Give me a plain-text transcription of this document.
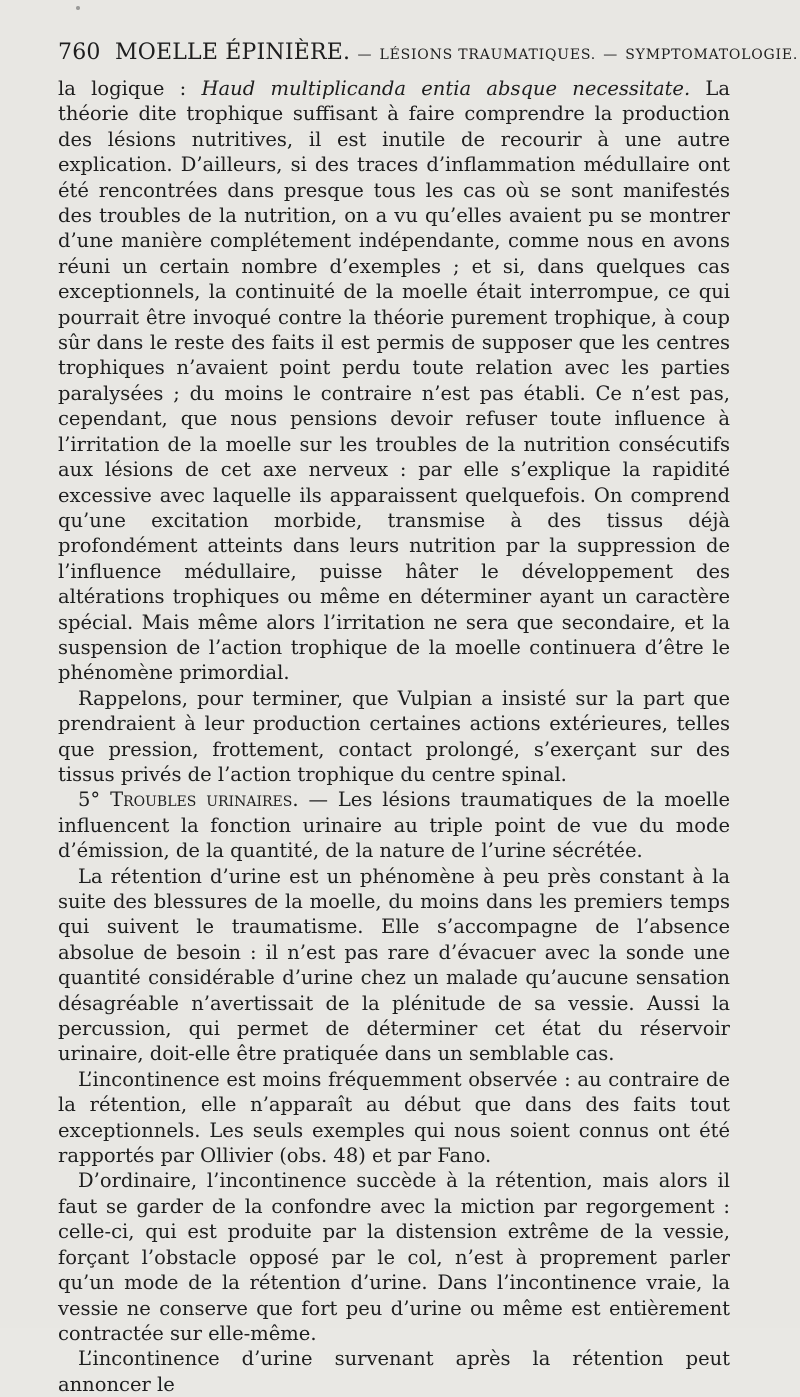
760 MOELLE ÉPINIÈRE. — LÉSIONS TRAUMATIQUES. — SYMPTOMATOLOGIE.

la logique : Haud multiplicanda entia absque necessitate. La théorie dite trophique suffisant à faire comprendre la production des lésions nutritives, il est inutile de recourir à une autre explication. D’ailleurs, si des traces d’inflammation médullaire ont été rencontrées dans presque tous les cas où se sont manifestés des troubles de la nutrition, on a vu qu’elles avaient pu se montrer d’une manière complétement indépendante, comme nous en avons réuni un certain nombre d’exemples ; et si, dans quelques cas exceptionnels, la continuité de la moelle était interrompue, ce qui pourrait être invoqué contre la théorie purement trophique, à coup sûr dans le reste des faits il est permis de supposer que les centres trophiques n’avaient point perdu toute relation avec les parties paralysées ; du moins le contraire n’est pas établi. Ce n’est pas, cependant, que nous pensions devoir refuser toute influence à l’irritation de la moelle sur les troubles de la nutrition consécutifs aux lésions de cet axe nerveux : par elle s’explique la rapidité excessive avec laquelle ils apparaissent quelquefois. On comprend qu’une excitation morbide, transmise à des tissus déjà profondément atteints dans leurs nutrition par la suppression de l’influence médullaire, puisse hâter le développement des altérations trophiques ou même en déterminer ayant un caractère spécial. Mais même alors l’irritation ne sera que secondaire, et la suspension de l’action trophique de la moelle continuera d’être le phénomène primordial.

Rappelons, pour terminer, que Vulpian a insisté sur la part que prendraient à leur production certaines actions extérieures, telles que pression, frottement, contact prolongé, s’exerçant sur des tissus privés de l’action trophique du centre spinal.

5° Troubles urinaires. — Les lésions traumatiques de la moelle influencent la fonction urinaire au triple point de vue du mode d’émission, de la quantité, de la nature de l’urine sécrétée.

La rétention d’urine est un phénomène à peu près constant à la suite des blessures de la moelle, du moins dans les premiers temps qui suivent le traumatisme. Elle s’accompagne de l’absence absolue de besoin : il n’est pas rare d’évacuer avec la sonde une quantité considérable d’urine chez un malade qu’aucune sensation désagréable n’avertissait de la plénitude de sa vessie. Aussi la percussion, qui permet de déterminer cet état du réservoir urinaire, doit-elle être pratiquée dans un semblable cas.

L’incontinence est moins fréquemment observée : au contraire de la rétention, elle n’apparaît au début que dans des faits tout exceptionnels. Les seuls exemples qui nous soient connus ont été rapportés par Ollivier (obs. 48) et par Fano.

D’ordinaire, l’incontinence succède à la rétention, mais alors il faut se garder de la confondre avec la miction par regorgement : celle-ci, qui est produite par la distension extrême de la vessie, forçant l’obstacle opposé par le col, n’est à proprement parler qu’un mode de la rétention d’urine. Dans l’incontinence vraie, la vessie ne conserve que fort peu d’urine ou même est entièrement contractée sur elle-même.

L’incontinence d’urine survenant après la rétention peut annoncer le
